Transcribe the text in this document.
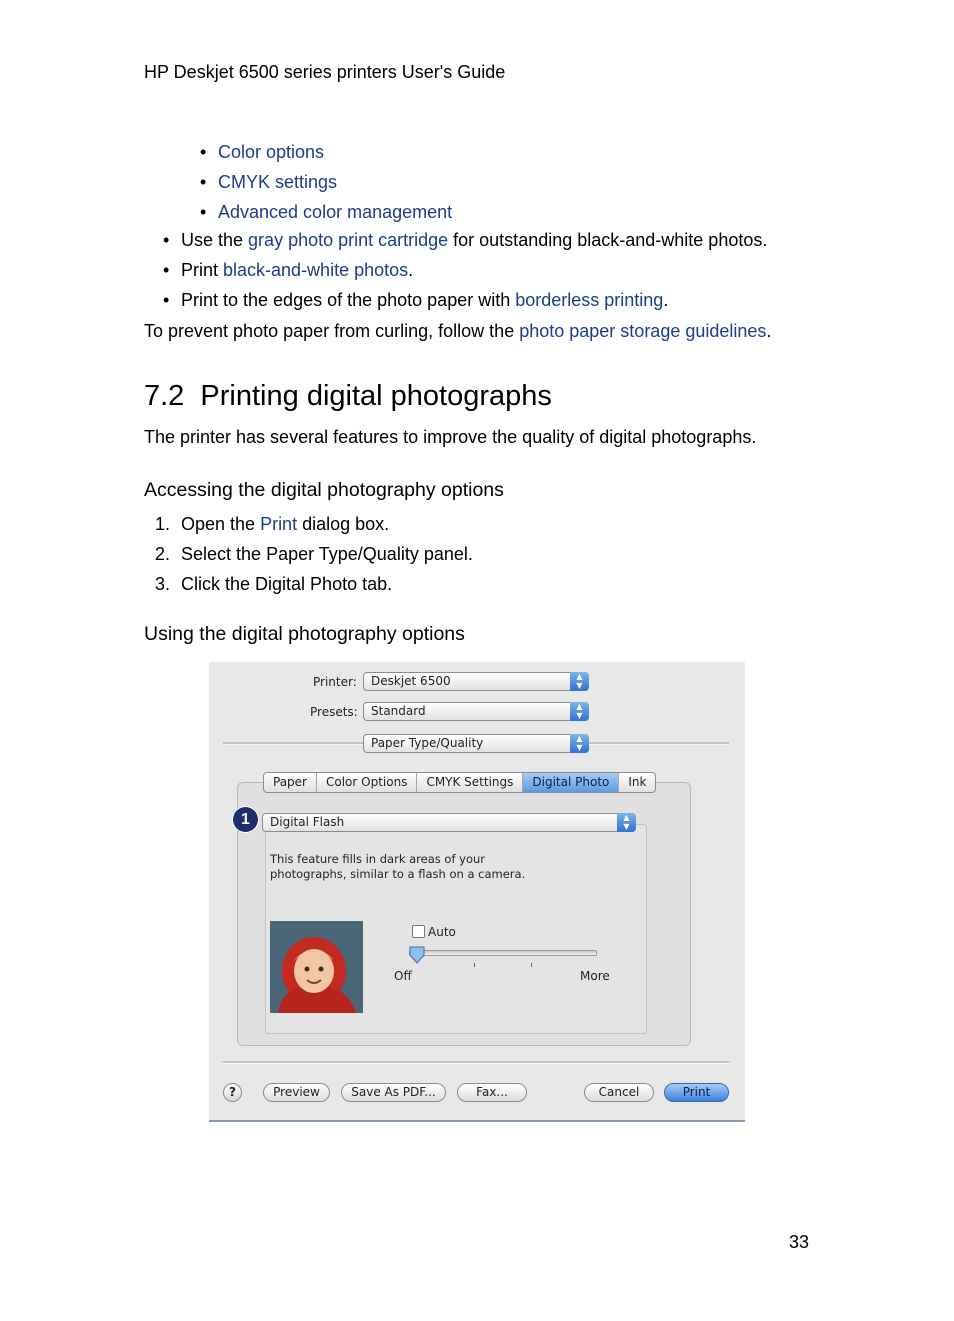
HP Deskjet 6500 series printers User's Guide
• Color options
• CMYK settings
• Advanced color management
• Use the gray photo print cartridge for outstanding black-and-white photos.
• Print black-and-white photos.
• Print to the edges of the photo paper with borderless printing.
To prevent photo paper from curling, follow the photo paper storage guidelines.
7.2  Printing digital photographs
The printer has several features to improve the quality of digital photographs.
Accessing the digital photography options
1. Open the Print dialog box.
2. Select the Paper Type/Quality panel.
3. Click the Digital Photo tab.
Using the digital photography options
Printer:	Deskjet 6500	▲
▼
Presets:	Standard	▲
▼
Paper Type/Quality	▲
▼
Paper	Color Options	CMYK Settings	Digital Photo	Ink
Digital Flash	▲
▼
1
This feature fills in dark areas of your photographs, similar to a flash on a camera.
Auto
Off	More
?	Preview	Save As PDF...	Fax...	Cancel	Print
33
